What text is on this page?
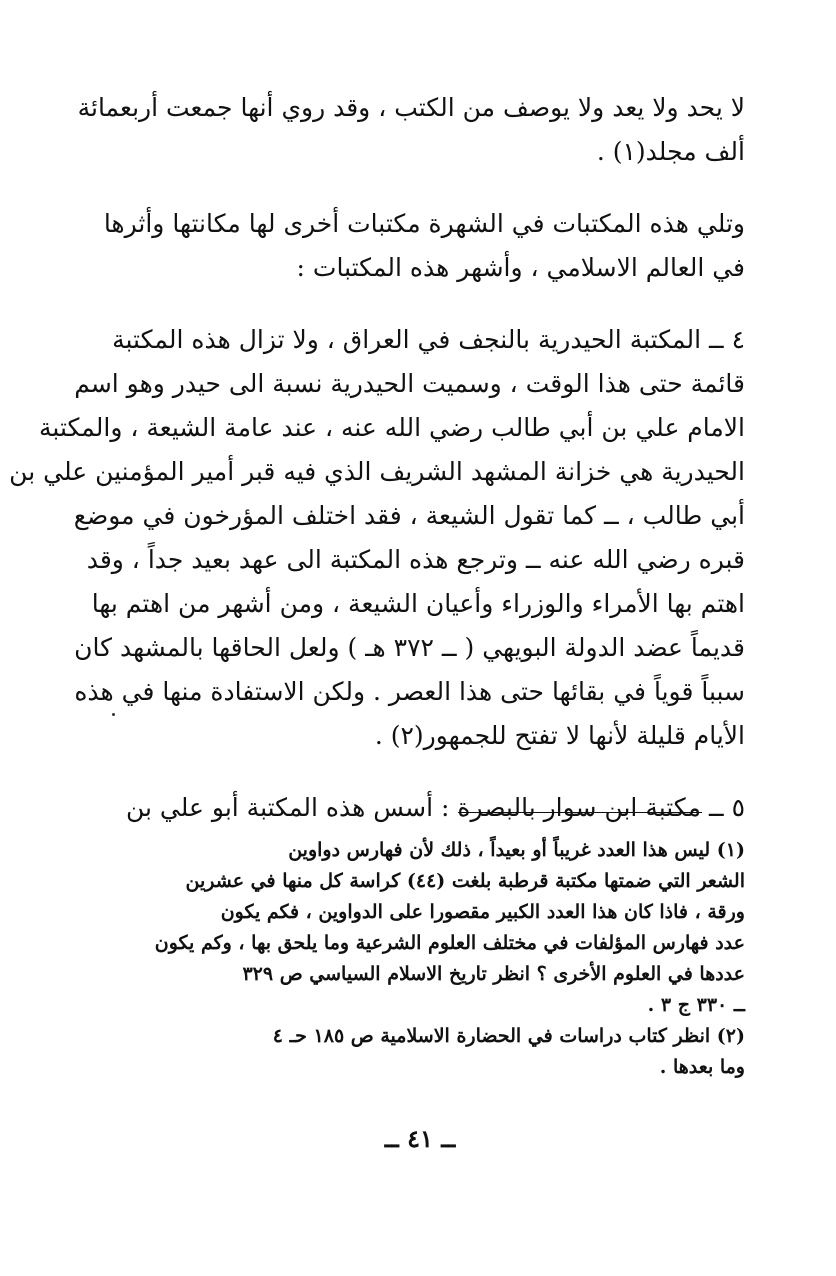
لا يحد ولا يعد ولا يوصف من الكتب ، وقد روي أنها جمعت أربعمائة
ألف مجلد(١) .
وتلي هذه المكتبات في الشهرة مكتبات أخرى لها مكانتها وأثرها
في العالم الاسلامي ، وأشهر هذه المكتبات :
٤ ــ المكتبة الحيدرية بالنجف في العراق ، ولا تزال هذه المكتبة
قائمة حتى هذا الوقت ، وسميت الحيدرية نسبة الى حيدر وهو اسم
الامام علي بن أبي طالب رضي الله عنه ، عند عامة الشيعة ، والمكتبة
الحيدرية هي خزانة المشهد الشريف الذي فيه قبر أمير المؤمنين علي بن
أبي طالب ، ــ كما تقول الشيعة ، فقد اختلف المؤرخون في موضع
قبره رضي الله عنه ــ وترجع هذه المكتبة الى عهد بعيد جداً ، وقد
اهتم بها الأمراء والوزراء وأعيان الشيعة ، ومن أشهر من اهتم بها
قديماً عضد الدولة البويهي ( ــ ٣٧٢ هـ ) ولعل الحاقها بالمشهد كان
سبباً قوياً في بقائها حتى هذا العصر . ولكن الاستفادة منها في هذه
الأيام قليلة لأنها لا تفتح للجمهور(٢) .
٥ ــ مكتبة ابن سوار بالبصرة : أسس هذه المكتبة أبو علي بن
(١) ليس هذا العدد غريباً أو بعيداً ، ذلك لأن فهارس دواوين
الشعر التي ضمتها مكتبة قرطبة بلغت (٤٤) كراسة كل منها في عشرين
ورقة ، فاذا كان هذا العدد الكبير مقصورا على الدواوين ، فكم يكون
عدد فهارس المؤلفات في مختلف العلوم الشرعية وما يلحق بها ، وكم يكون
عددها في العلوم الأخرى ؟ انظر تاريخ الاسلام السياسي ص ٣٢٩
ــ ٣٣٠ ج ٣ .
(٢) انظر كتاب دراسات في الحضارة الاسلامية ص ١٨٥ حـ ٤
وما بعدها .
ــ ٤١ ــ
